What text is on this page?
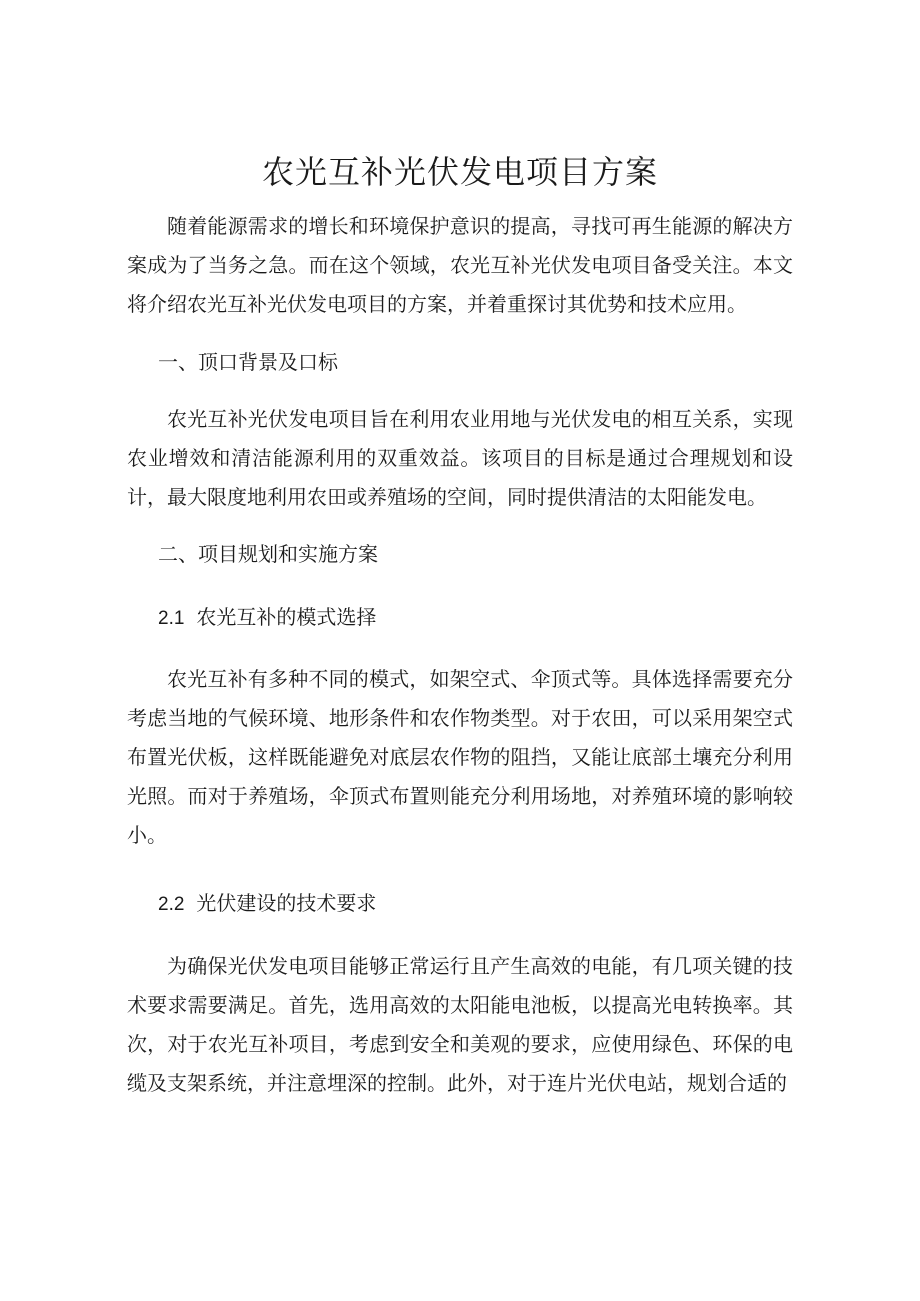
农光互补光伏发电项目方案

随着能源需求的增长和环境保护意识的提高，寻找可再生能源的解决方案成为了当务之急。而在这个领域，农光互补光伏发电项目备受关注。本文将介绍农光互补光伏发电项目的方案，并着重探讨其优势和技术应用。

一、顶口背景及口标

农光互补光伏发电项目旨在利用农业用地与光伏发电的相互关系，实现农业增效和清洁能源利用的双重效益。该项目的目标是通过合理规划和设计，最大限度地利用农田或养殖场的空间，同时提供清洁的太阳能发电。

二、项目规划和实施方案
2.1 农光互补的模式选择

农光互补有多种不同的模式，如架空式、伞顶式等。具体选择需要充分考虑当地的气候环境、地形条件和农作物类型。对于农田，可以采用架空式布置光伏板，这样既能避免对底层农作物的阻挡，又能让底部土壤充分利用光照。而对于养殖场，伞顶式布置则能充分利用场地，对养殖环境的影响较小。

2.2 光伏建设的技术要求

为确保光伏发电项目能够正常运行且产生高效的电能，有几项关键的技术要求需要满足。首先，选用高效的太阳能电池板，以提高光电转换率。其次，对于农光互补项目，考虑到安全和美观的要求，应使用绿色、环保的电缆及支架系统，并注意埋深的控制。此外，对于连片光伏电站，规划合适的
